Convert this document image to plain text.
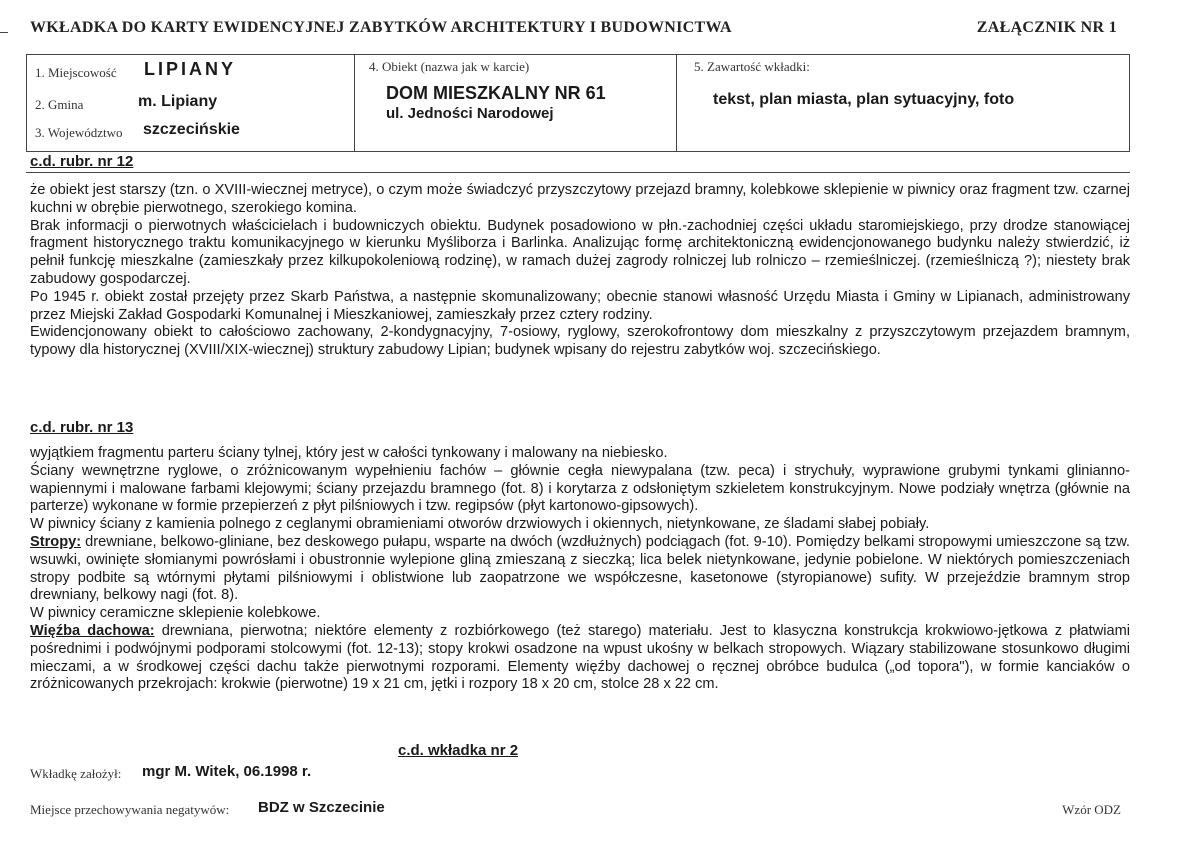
WKŁADKA DO KARTY EWIDENCYJNEJ ZABYTKÓW ARCHITEKTURY I BUDOWNICTWA	ZAŁĄCZNIK NR 1
1. Miejscowość LIPIANY
2. Gmina	m. Lipiany
3. Województwo szczecińskie
4. Obiekt (nazwa jak w karcie)
DOM MIESZKALNY NR 61
ul. Jedności Narodowej
5. Zawartość wkładki:
tekst, plan miasta, plan sytuacyjny, foto
c.d. rubr. nr 12

że obiekt jest starszy (tzn. o XVIII-wiecznej metryce), o czym może świadczyć przyszczytowy przejazd bramny, kolebkowe sklepienie w piwnicy oraz fragment tzw. czarnej kuchni w obrębie pierwotnego, szerokiego komina.

Brak informacji o pierwotnych właścicielach i budowniczych obiektu. Budynek posadowiono w płn.-zachodniej części układu staromiejskiego, przy drodze stanowiącej fragment historycznego traktu komunikacyjnego w kierunku Myśliborza i Barlinka. Analizując formę architektoniczną ewidencjonowanego budynku należy stwierdzić, iż pełnił funkcję mieszkalne (zamieszkały przez kilkupokoleniową rodzinę), w ramach dużej zagrody rolniczej lub rolniczo – rzemieślniczej. (rzemieślniczą ?); niestety brak zabudowy gospodarczej.

Po 1945 r. obiekt został przejęty przez Skarb Państwa, a następnie skomunalizowany; obecnie stanowi własność Urzędu Miasta i Gminy w Lipianach, administrowany przez Miejski Zakład Gospodarki Komunalnej i Mieszkaniowej, zamieszkały przez cztery rodziny.

Ewidencjonowany obiekt to całościowo zachowany, 2-kondygnacyjny, 7-osiowy, ryglowy, szerokofrontowy dom mieszkalny z przyszczytowym przejazdem bramnym, typowy dla historycznej (XVIII/XIX-wiecznej) struktury zabudowy Lipian; budynek wpisany do rejestru zabytków woj. szczecińskiego.

c.d. rubr. nr 13

wyjątkiem fragmentu parteru ściany tylnej, który jest w całości tynkowany i malowany na niebiesko.

Ściany wewnętrzne ryglowe, o zróżnicowanym wypełnieniu fachów – głównie cegła niewypalana (tzw. peca) i strychuły, wyprawione grubymi tynkami glinianno-wapiennymi i malowane farbami klejowymi; ściany przejazdu bramnego (fot. 8) i korytarza z odsłoniętym szkieletem konstrukcyjnym. Nowe podziały wnętrza (głównie na parterze) wykonane w formie przepierzeń z płyt pilśniowych i tzw. regipsów (płyt kartonowo-gipsowych).

W piwnicy ściany z kamienia polnego z ceglanymi obramieniami otworów drzwiowych i okiennych, nietynkowane, ze śladami słabej pobiały.

Stropy: drewniane, belkowo-gliniane, bez deskowego pułapu, wsparte na dwóch (wzdłużnych) podciągach (fot. 9-10). Pomiędzy belkami stropowymi umieszczone są tzw. wsuwki, owinięte słomianymi powrósłami i obustronnie wylepione gliną zmieszaną z sieczką; lica belek nietynkowane, jedynie pobielone. W niektórych pomieszczeniach stropy podbite są wtórnymi płytami pilśniowymi i oblistwione lub zaopatrzone we współczesne, kasetonowe (styropianowe) sufity. W przejeździe bramnym strop drewniany, belkowy nagi (fot. 8).

W piwnicy ceramiczne sklepienie kolebkowe.

Więźba dachowa: drewniana, pierwotna; niektóre elementy z rozbiórkowego (też starego) materiału. Jest to klasyczna konstrukcja krokwiowo-jętkowa z płatwiami pośrednimi i podwójnymi podporami stolcowymi (fot. 12-13); stopy krokwi osadzone na wpust ukośny w belkach stropowych. Wiązary stabilizowane stosunkowo długimi mieczami, a w środkowej części dachu także pierwotnymi rozporami. Elementy więźby dachowej o ręcznej obróbce budulca („od topora"), w formie kanciaków o zróżnicowanych przekrojach: krokwie (pierwotne) 19 x 21 cm, jętki i rozpory 18 x 20 cm, stolce 28 x 22 cm.

c.d. wkładka nr 2
Wkładkę założył: mgr M. Witek, 06.1998 r.
Miejsce przechowywania negatywów: BDZ w Szczecinie	Wzór ODZ
